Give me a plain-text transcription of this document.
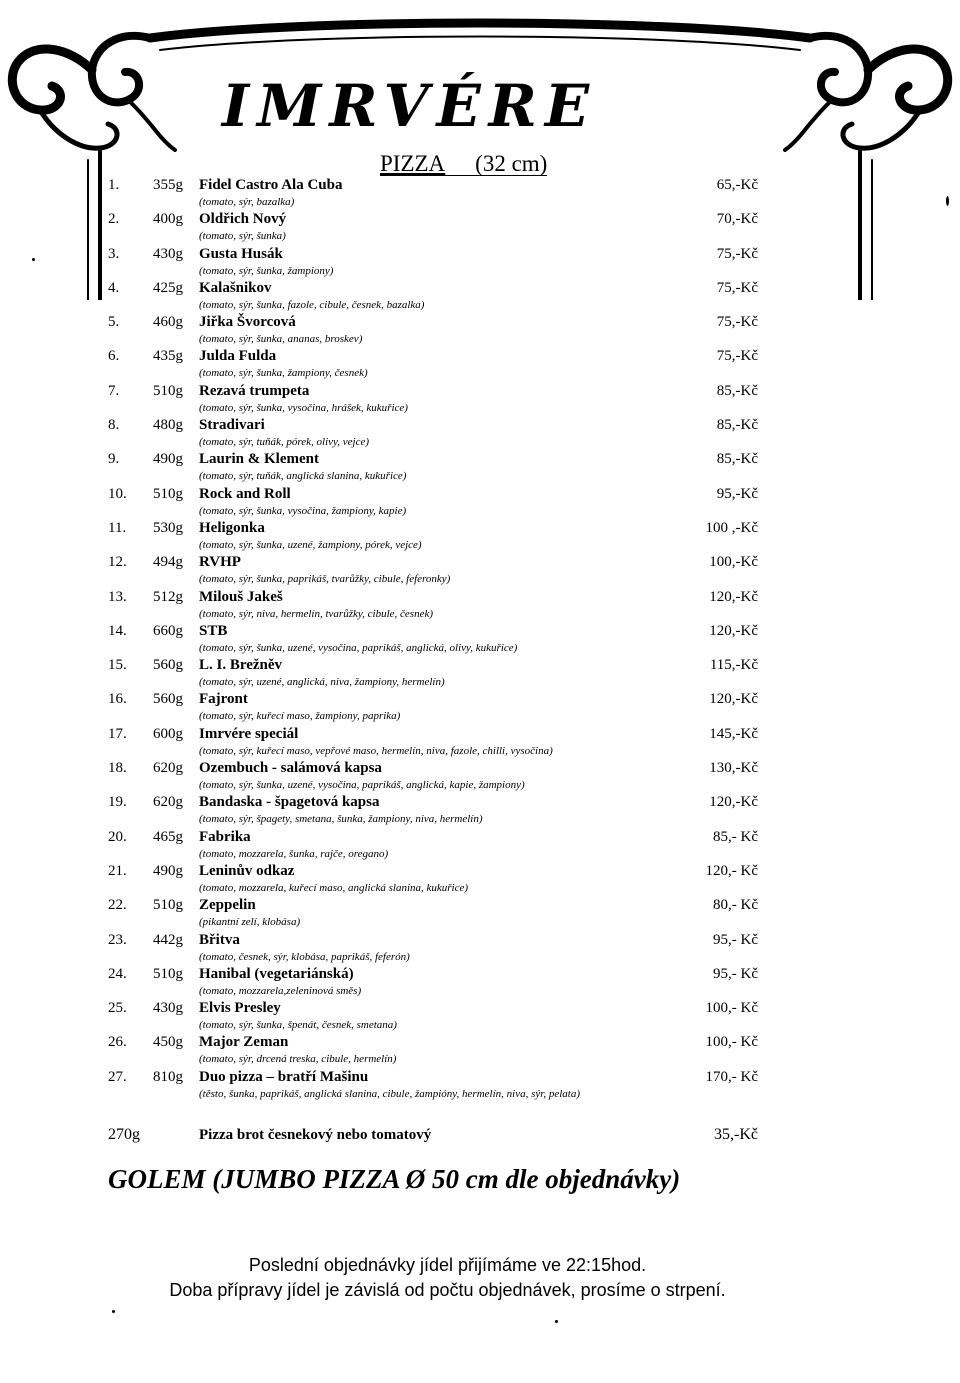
IMRVÉRE
PIZZA (32 cm)
1. 355g Fidel Castro Ala Cuba	65,-Kč
(tomato, sýr, bazalka)
2. 400g Oldřich Nový	70,-Kč
(tomato, sýr, šunka)
3. 430g Gusta Husák	75,-Kč
(tomato, sýr, šunka, žampiony)
4. 425g Kalašnikov	75,-Kč
(tomato, sýr, šunka, fazole, cibule, česnek, bazalka)
5. 460g Jiřka Švorcová	75,-Kč
(tomato, sýr, šunka, ananas, broskev)
6. 435g Julda Fulda	75,-Kč
(tomato, sýr, šunka, žampiony, česnek)
7. 510g Rezavá trumpeta	85,-Kč
(tomato, sýr, šunka, vysočina, hrášek, kukuřice)
8. 480g Stradivari	85,-Kč
(tomato, sýr, tuňák, pórek, olivy, vejce)
9. 490g Laurin & Klement	85,-Kč
(tomato, sýr, tuňák, anglická slanina, kukuřice)
10. 510g Rock and Roll	95,-Kč
(tomato, sýr, šunka, vysočina, žampiony, kapie)
11. 530g Heligonka	100 ,-Kč
(tomato, sýr, šunka, uzené, žampiony, pórek, vejce)
12. 494g RVHP	100,-Kč
(tomato, sýr, šunka, paprikáš, tvarůžky, cibule, feferonky)
13. 512g Milouš Jakeš	120,-Kč
(tomato, sýr, niva, hermelín, tvarůžky, cibule, česnek)
14. 660g STB	120,-Kč
(tomato, sýr, šunka, uzené, vysočina, paprikáš, anglická, olivy, kukuřice)
15. 560g L. I. Brežněv	115,-Kč
(tomato, sýr, uzené, anglická, niva, žampiony, hermelín)
16. 560g Fajront	120,-Kč
(tomato, sýr, kuřecí maso, žampiony, paprika)
17. 600g Imrvére speciál	145,-Kč
(tomato, sýr, kuřecí maso, vepřové maso, hermelín, niva, fazole, chilli, vysočina)
18. 620g Ozembuch - salámová kapsa	130,-Kč
(tomato, sýr, šunka, uzené, vysočina, paprikáš, anglická, kapie, žampiony)
19. 620g Bandaska - špagetová kapsa	120,-Kč
(tomato, sýr, špagety, smetana, šunka, žampiony, niva, hermelín)
20. 465g Fabrika	85,- Kč
(tomato, mozzarela, šunka, rajče, oregano)
21. 490g Leninův odkaz	120,- Kč
(tomato, mozzarela, kuřecí maso, anglická slanina, kukuřice)
22. 510g Zeppelin	80,- Kč
(pikantní zelí, klobása)
23. 442g Břitva	95,- Kč
(tomato, česnek, sýr, klobása, paprikáš, feferón)
24. 510g Hanibal (vegetariánská)	95,- Kč
(tomato, mozzarela,zeleninová směs)
25. 430g Elvis Presley	100,- Kč
(tomato, sýr, šunka, špenát, česnek, smetana)
26. 450g Major Zeman	100,- Kč
(tomato, sýr, drcená treska, cibule, hermelín)
27. 810g Duo pizza – bratří Mašinu	170,- Kč
(těsto, šunka, paprikáš, anglická slanina, cibule, žampióny, hermelín, niva, sýr, pelata)
270g	Pizza brot česnekový nebo tomatový	35,-Kč
GOLEM (JUMBO PIZZA Ø 50 cm dle objednávky)
Poslední objednávky jídel přijímáme ve 22:15hod.
Doba přípravy jídel je závislá od počtu objednávek, prosíme o strpení.
